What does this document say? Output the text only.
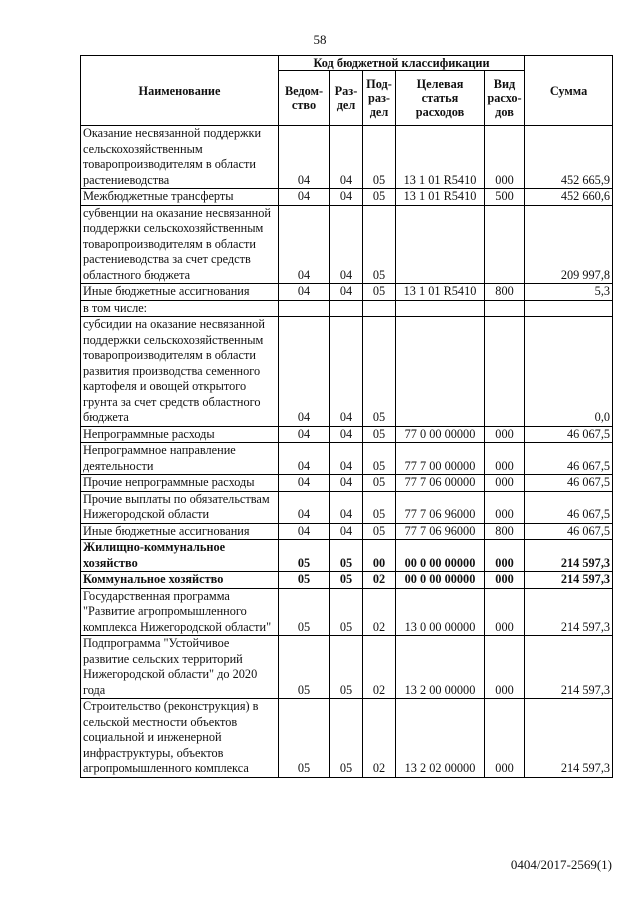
58
Наименование	Код бюджетной классификации					Сумма
	Ведом-ство	Раз-дел	Под-раз-дел	Целевая статья расходов	Вид расхо-дов	
Оказание несвязанной поддержки сельскохозяйственным товаропроизводителям в области растениеводства	04	04	05	13 1 01 R5410	000	452 665,9
Межбюджетные трансферты	04	04	05	13 1 01 R5410	500	452 660,6
субвенции на оказание несвязанной поддержки сельскохозяйственным товаропроизводителям в области растениеводства за счет средств областного бюджета	04	04	05			209 997,8
Иные бюджетные ассигнования	04	04	05	13 1 01 R5410	800	5,3
в том числе:						
субсидии на оказание несвязанной поддержки сельскохозяйственным товаропроизводителям в области развития производства семенного картофеля и овощей открытого грунта за счет средств областного бюджета	04	04	05			0,0
Непрограммные расходы	04	04	05	77 0 00 00000	000	46 067,5
Непрограммное направление деятельности	04	04	05	77 7 00 00000	000	46 067,5
Прочие непрограммные расходы	04	04	05	77 7 06 00000	000	46 067,5
Прочие выплаты по обязательствам Нижегородской области	04	04	05	77 7 06 96000	000	46 067,5
Иные бюджетные ассигнования	04	04	05	77 7 06 96000	800	46 067,5
Жилищно-коммунальное хозяйство	05	05	00	00 0 00 00000	000	214 597,3
Коммунальное хозяйство	05	05	02	00 0 00 00000	000	214 597,3
Государственная программа "Развитие агропромышленного комплекса Нижегородской области"	05	05	02	13 0 00 00000	000	214 597,3
Подпрограмма "Устойчивое развитие сельских территорий Нижегородской области" до 2020 года	05	05	02	13 2 00 00000	000	214 597,3
Строительство (реконструкция) в сельской местности объектов социальной и инженерной инфраструктуры, объектов агропромышленного комплекса	05	05	02	13 2 02 00000	000	214 597,3
0404/2017-2569(1)
